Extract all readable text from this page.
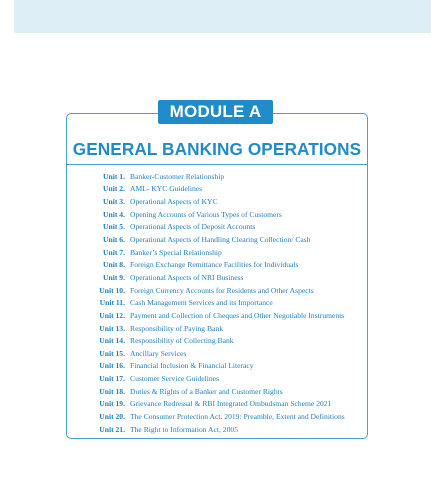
MODULE A
GENERAL BANKING OPERATIONS
Unit 1. Banker-Customer Relationship
Unit 2. AML- KYC Guidelines
Unit 3. Operational Aspects of KYC
Unit 4. Opening Accounts of Various Types of Customers
Unit 5. Operational Aspects of Deposit Accounts
Unit 6. Operational Aspects of Handling Clearing Collection/ Cash
Unit 7. Banker’s Special Relationship
Unit 8. Foreign Exchange Remittance Facilities for Individuals
Unit 9. Operational Aspects of NRI Business
Unit 10. Foreign Currency Accounts for Residents and Other Aspects
Unit 11. Cash Management Services and its Importance
Unit 12. Payment and Collection of Cheques and Other Negotiable Instruments
Unit 13. Responsibility of Paying Bank
Unit 14. Responsibility of Collecting Bank
Unit 15. Ancillary Services
Unit 16. Financial Inclusion & Financial Literacy
Unit 17. Customer Service Guidelines
Unit 18. Duties & Rights of a Banker and Customer Rights
Unit 19. Grievance Redressal & RBI Integrated Ombudsman Scheme 2021
Unit 20. The Consumer Protection Act, 2019: Preamble, Extent and Definitions
Unit 21. The Right to Information Act, 2005
